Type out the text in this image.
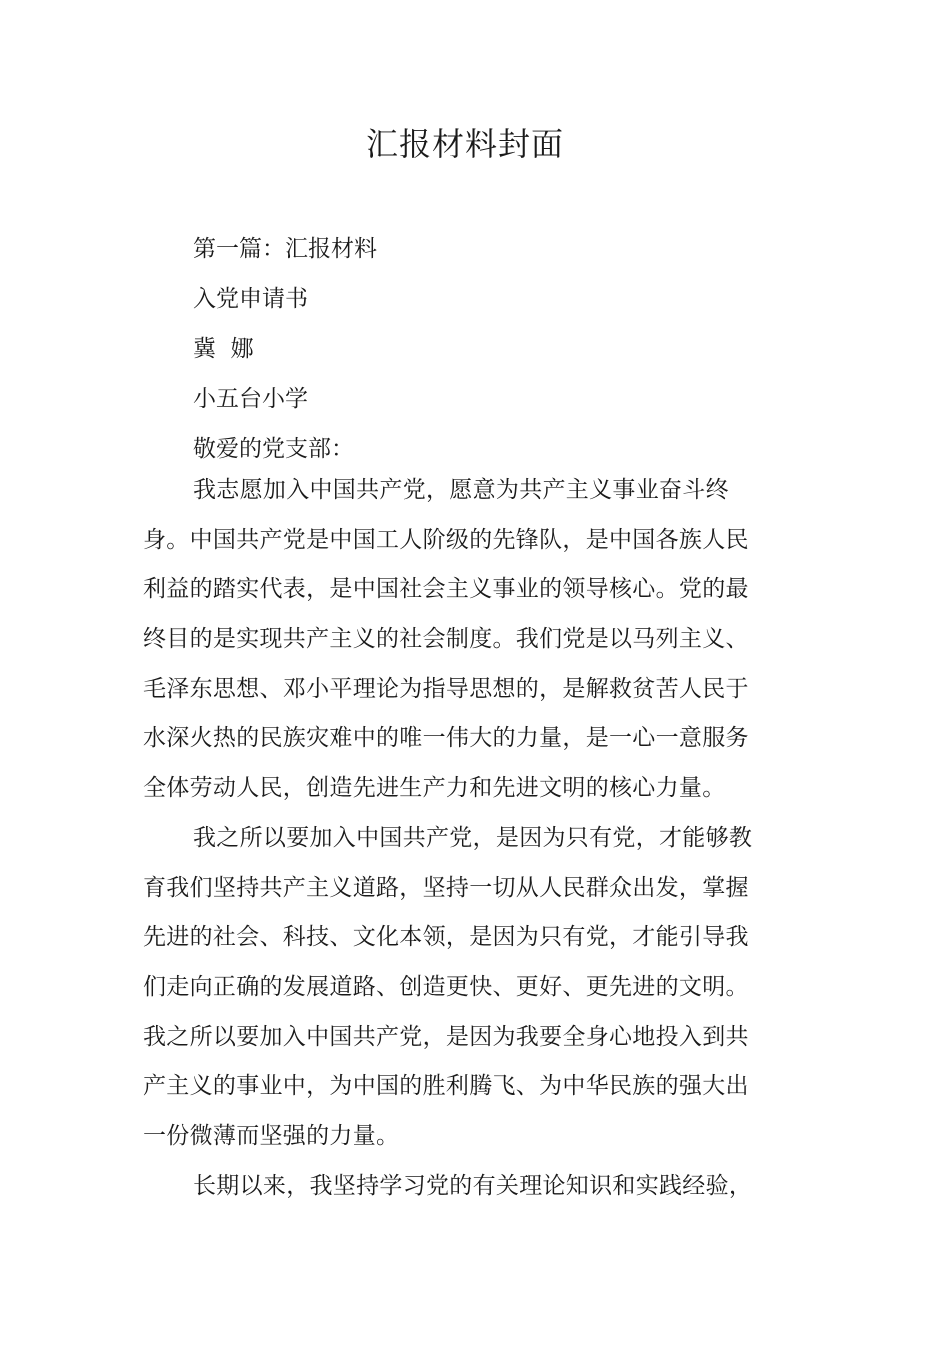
汇报材料封面
第一篇：汇报材料
入党申请书
冀  娜
小五台小学
敬爱的党支部：
我志愿加入中国共产党，愿意为共产主义事业奋斗终
身。中国共产党是中国工人阶级的先锋队，是中国各族人民
利益的踏实代表，是中国社会主义事业的领导核心。党的最
终目的是实现共产主义的社会制度。我们党是以马列主义、
毛泽东思想、邓小平理论为指导思想的，是解救贫苦人民于
水深火热的民族灾难中的唯一伟大的力量，是一心一意服务
全体劳动人民，创造先进生产力和先进文明的核心力量。
我之所以要加入中国共产党，是因为只有党，才能够教
育我们坚持共产主义道路，坚持一切从人民群众出发，掌握
先进的社会、科技、文化本领，是因为只有党，才能引导我
们走向正确的发展道路、创造更快、更好、更先进的文明。
我之所以要加入中国共产党，是因为我要全身心地投入到共
产主义的事业中，为中国的胜利腾飞、为中华民族的强大出
一份微薄而坚强的力量。
长期以来，我坚持学习党的有关理论知识和实践经验，
